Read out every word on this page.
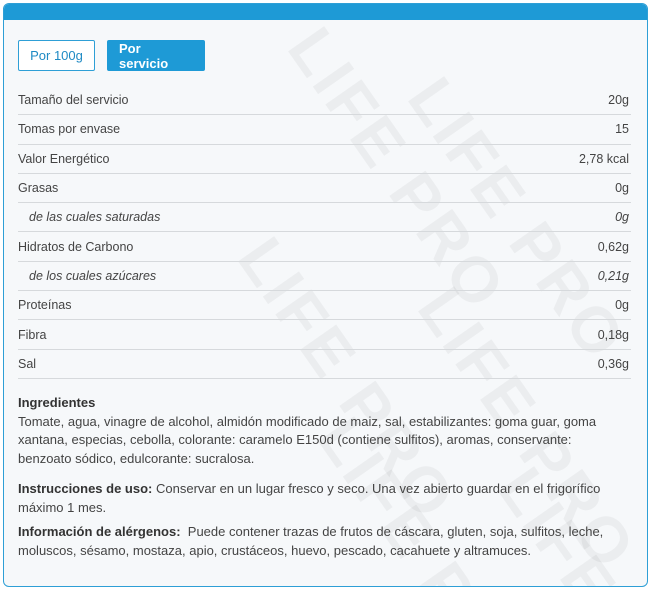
Por 100g	Por servicio
Tamaño del servicio	20g
Tomas por envase	15
Valor Energético	2,78 kcal
Grasas	0g
de las cuales saturadas	0g
Hidratos de Carbono	0,62g
de los cuales azúcares	0,21g
Proteínas	0g
Fibra	0,18g
Sal	0,36g
Ingredientes
Tomate, agua, vinagre de alcohol, almidón modificado de maiz, sal, estabilizantes: goma guar, goma xantana, especias, cebolla, colorante: caramelo E150d (contiene sulfitos), aromas, conservante: benzoato sódico, edulcorante: sucralosa.
Instrucciones de uso: Conservar en un lugar fresco y seco. Una vez abierto guardar en el frigorífico máximo 1 mes.
Información de alérgenos: Puede contener trazas de frutos de cáscara, gluten, soja, sulfitos, leche, moluscos, sésamo, mostaza, apio, crustáceos, huevo, pescado, cacahuete y altramuces.
